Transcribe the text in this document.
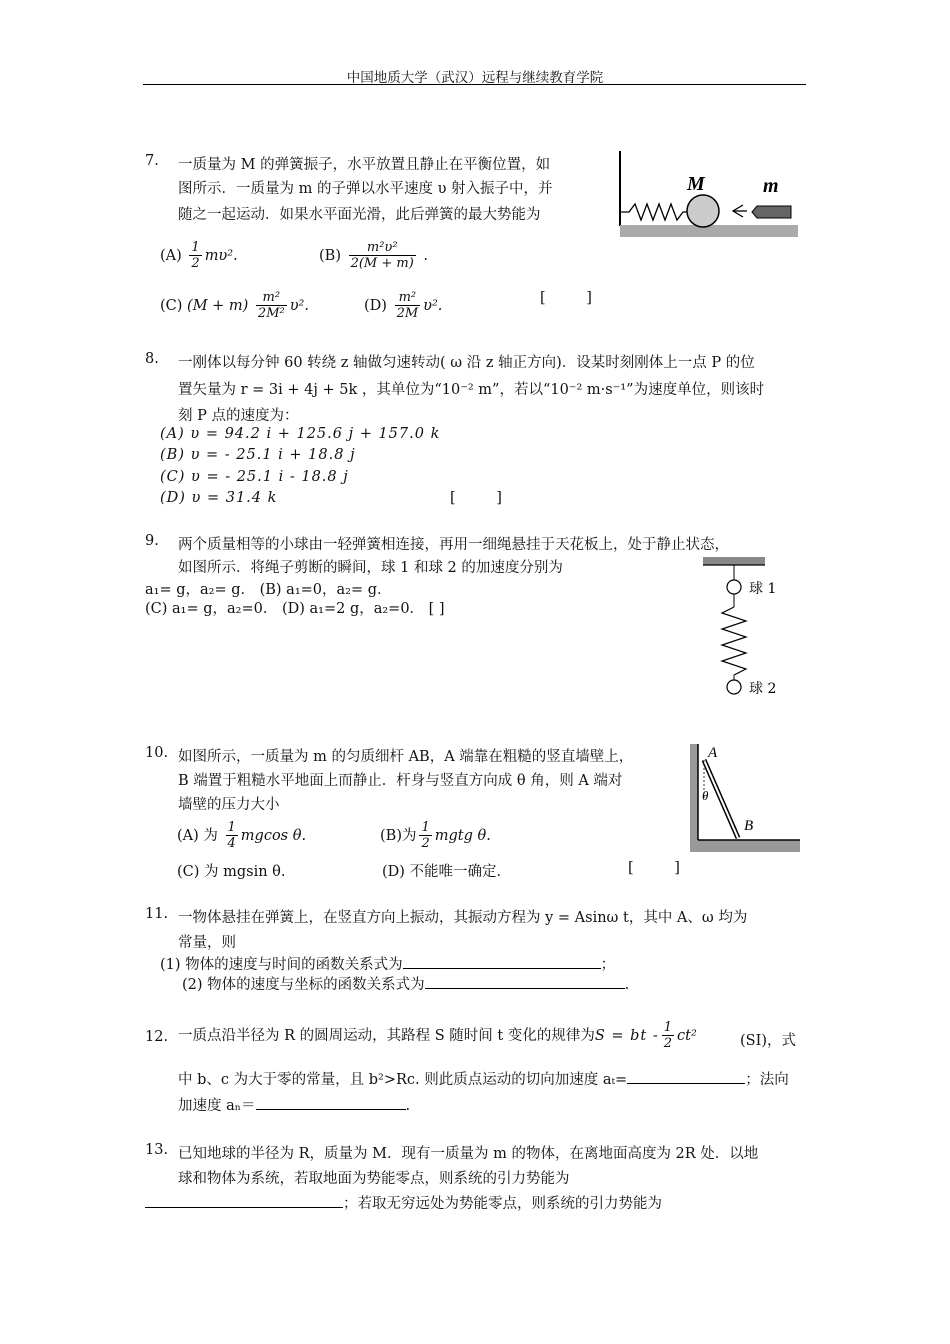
中国地质大学（武汉）远程与继续教育学院
7. 一质量为 M 的弹簧振子，水平放置且静止在平衡位置，如
图所示．一质量为 m 的子弹以水平速度 υ 射入振子中，并
随之一起运动．如果水平面光滑，此后弹簧的最大势能为
$(A) \frac{1}{2} m\upsilon^2$.	$(B) \frac{\text{m²υ²}}{2(M + m)}$ .
(C) $(M + m) \frac{\text{m²}}{\text{2M²}} \upsilon^2$.	$(D) \frac{\text{m²}}{2M} \upsilon^2$.	[ ]
M	m
8. 一刚体以每分钟 60 转绕 z 轴做匀速转动( ω 沿 z 轴正方向)．设某时刻刚体上一点 P 的位
置矢量为 r = 3i + 4j + 5k ，其单位为“10⁻² m”，若以“10⁻² m·s⁻¹”为速度单位，则该时
刻 P 点的速度为：
(A) υ = 94.2 i + 125.6 j + 157.0 k
(B) υ = - 25.1 i + 18.8 j
(C) υ = - 25.1 i - 18.8 j
(D) υ = 31.4 k	[ ]
9. 两个质量相等的小球由一轻弹簧相连接，再用一细绳悬挂于天花板上，处于静止状态，
如图所示．将绳子剪断的瞬间，球 1 和球 2 的加速度分别为
a₁= g，a₂= g． (B) a₁=0，a₂= g．
(C) a₁= g，a₂=0． (D) a₁=2 g，a₂=0． [ ]
球 1
球 2
10. 如图所示，一质量为 m 的匀质细杆 AB，A 端靠在粗糙的竖直墙壁上，
B 端置于粗糙水平地面上而静止．杆身与竖直方向成 θ 角，则 A 端对
墙壁的压力大小
(A) 为 $\frac{1}{4}$ mgcos θ.	(B)为 $\frac{1}{2}$ mgtg θ.
(C) 为 mgsin θ.	(D) 不能唯一确定．	[ ]
A
B
θ
11. 一物体悬挂在弹簧上，在竖直方向上振动，其振动方程为 y = Asinω t，其中 A、ω 均为
常量，则
(1) 物体的速度与时间的函数关系式为	；
(2) 物体的速度与坐标的函数关系式为	.
12. 一质点沿半径为 R 的圆周运动，其路程 S 随时间 t 变化的规律为S = bt - $\frac{1}{2} ct^2$	(SI)，式
中 b、c 为大于零的常量，且 b²>Rc. 则此质点运动的切向加速度 aₜ=	；法向
加速度 aₙ＝	.
13. 已知地球的半径为 R，质量为 M．现有一质量为 m 的物体，在离地面高度为 2R 处．以地
球和物体为系统，若取地面为势能零点，则系统的引力势能为
；若取无穷远处为势能零点，则系统的引力势能为
